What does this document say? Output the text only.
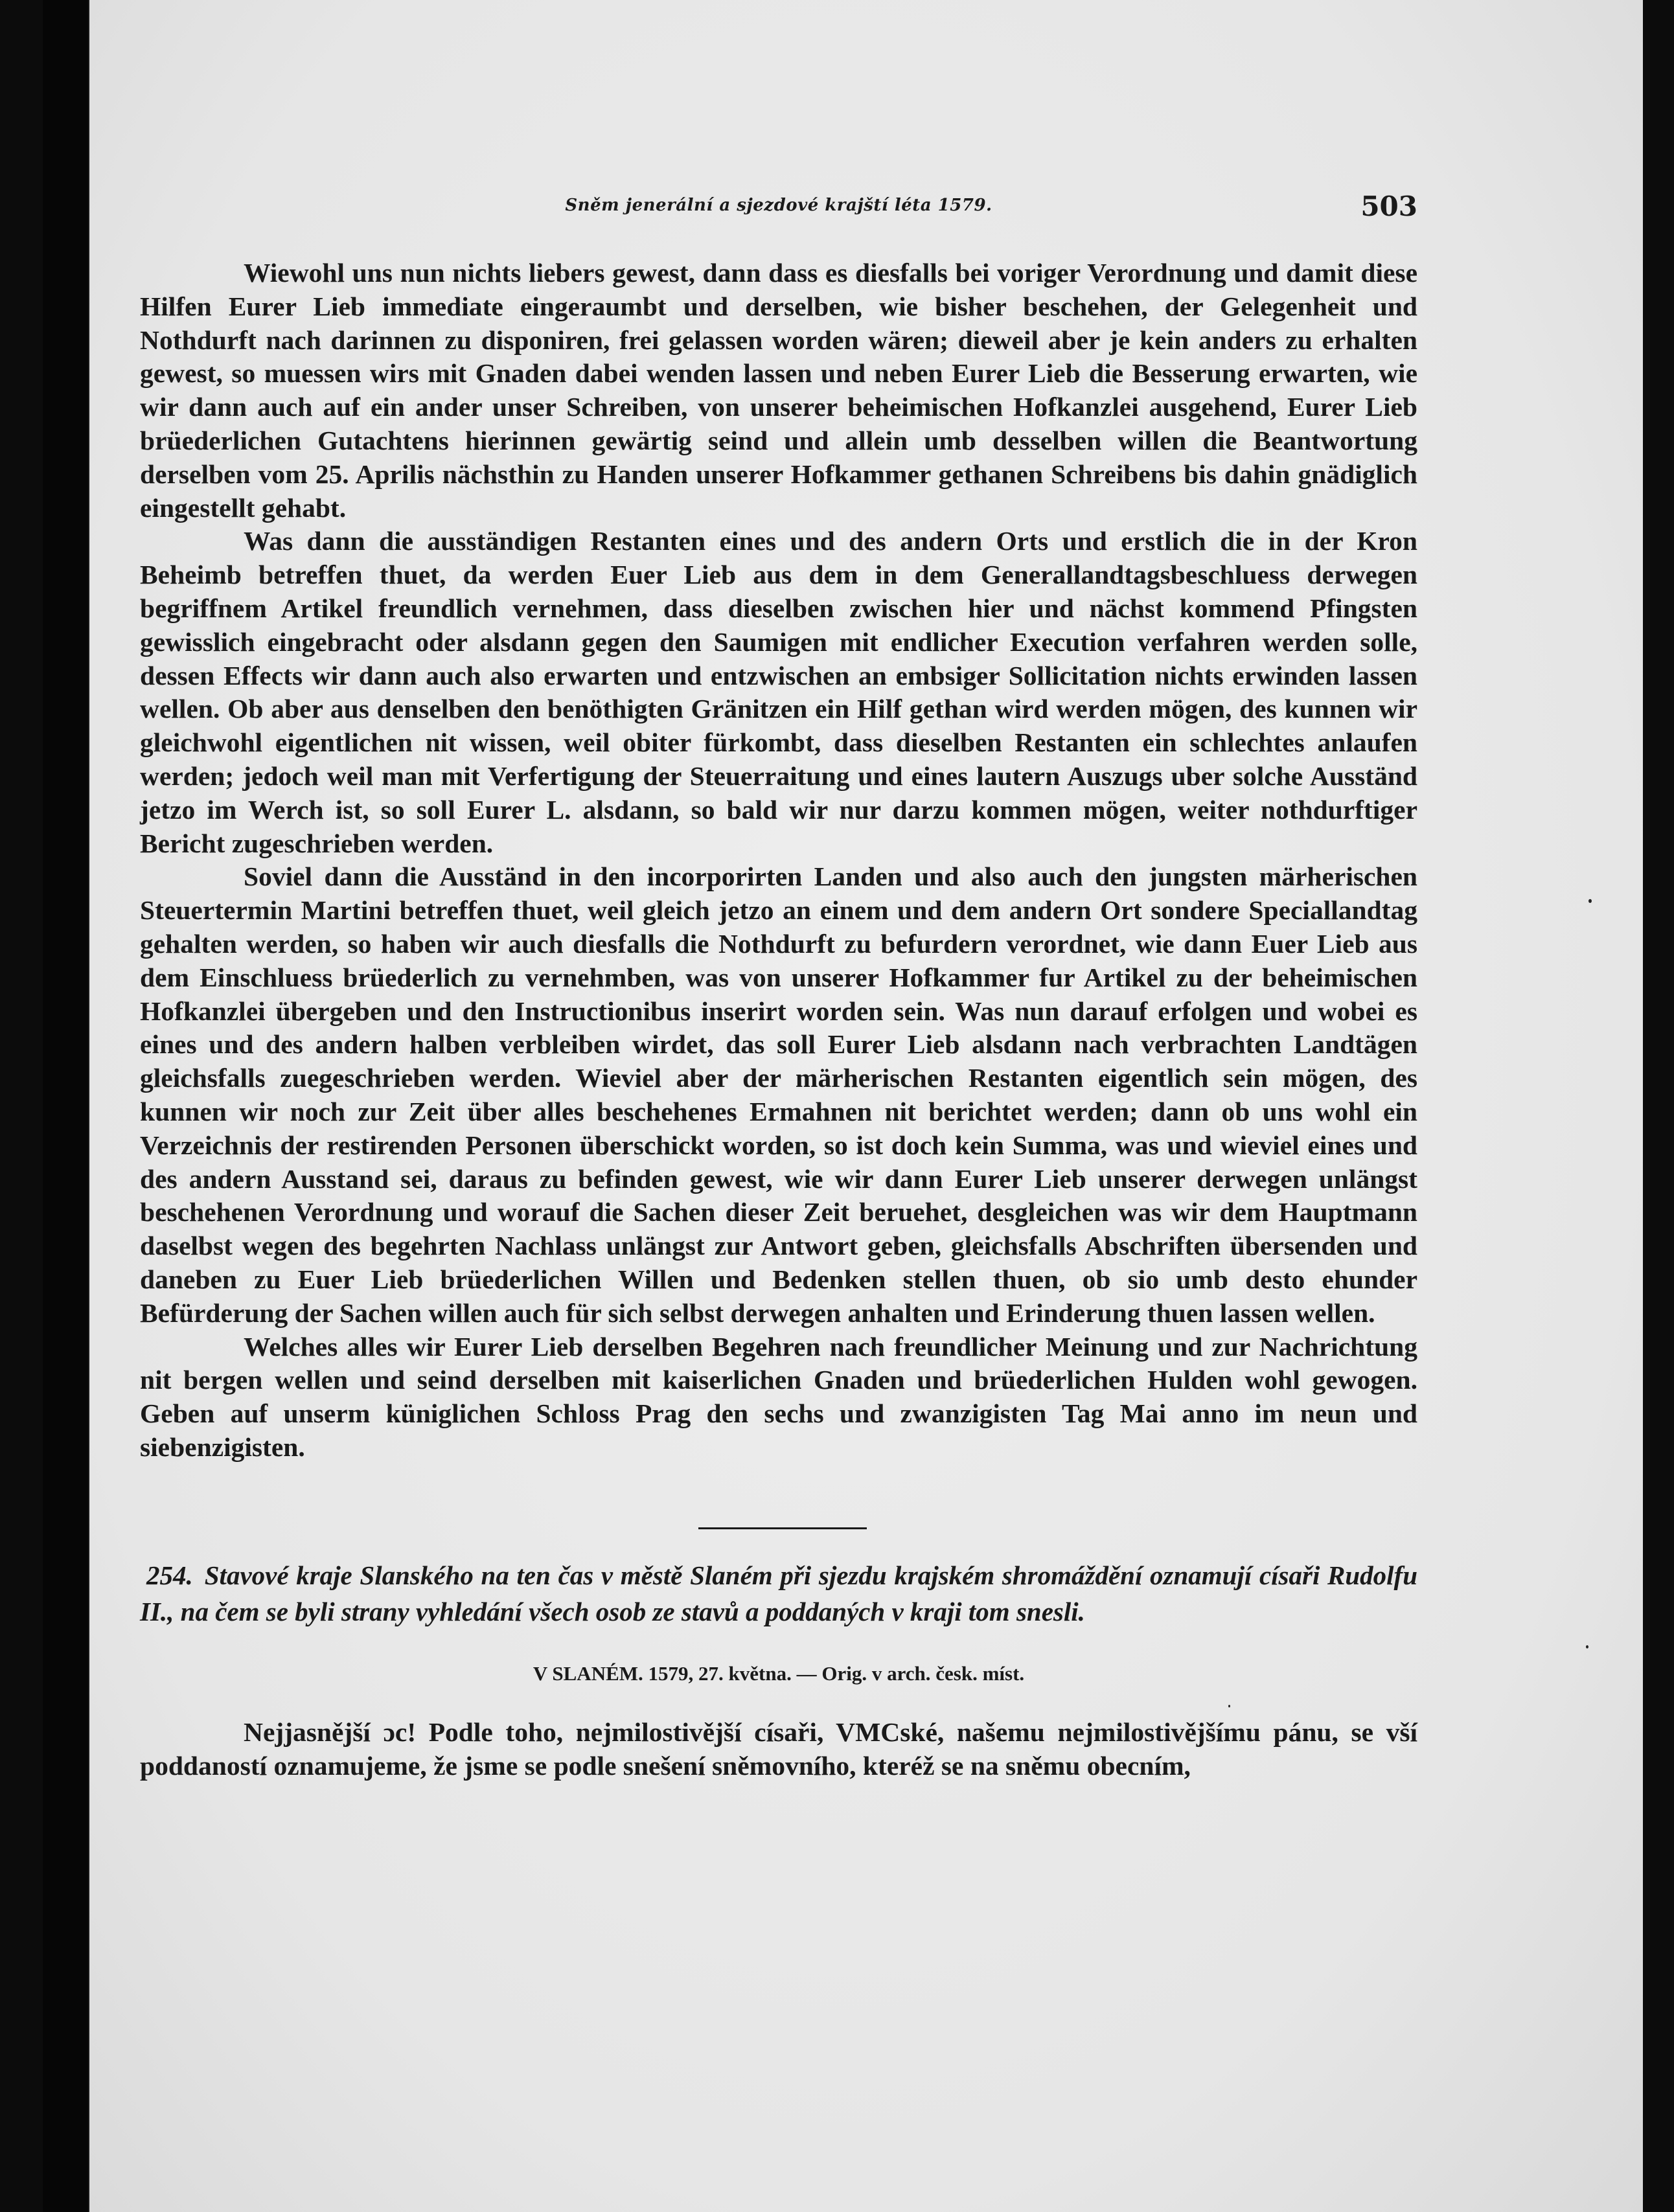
Sněm jenerální a sjezdové krajští léta 1579.	503

Wiewohl uns nun nichts liebers gewest, dann dass es diesfalls bei voriger Verordnung und damit diese Hilfen Eurer Lieb immediate eingeraumbt und derselben, wie bisher beschehen, der Gelegenheit und Nothdurft nach darinnen zu disponiren, frei gelassen worden wären; dieweil aber je kein anders zu erhalten gewest, so muessen wirs mit Gnaden dabei wenden lassen und neben Eurer Lieb die Besserung erwarten, wie wir dann auch auf ein ander unser Schreiben, von unserer beheimischen Hofkanzlei ausgehend, Eurer Lieb brüederlichen Gutachtens hierinnen gewärtig seind und allein umb desselben willen die Beantwortung derselben vom 25. Aprilis nächsthin zu Handen unserer Hofkammer gethanen Schreibens bis dahin gnädiglich eingestellt gehabt.

Was dann die ausständigen Restanten eines und des andern Orts und erstlich die in der Kron Beheimb betreffen thuet, da werden Euer Lieb aus dem in dem Generallandtagsbeschluess derwegen begriffnem Artikel freundlich vernehmen, dass dieselben zwischen hier und nächst kommend Pfingsten gewisslich eingebracht oder alsdann gegen den Saumigen mit endlicher Execution verfahren werden solle, dessen Effects wir dann auch also erwarten und entzwischen an embsiger Sollicitation nichts erwinden lassen wellen. Ob aber aus denselben den benöthigten Gränitzen ein Hilf gethan wird werden mögen, des kunnen wir gleichwohl eigentlichen nit wissen, weil obiter fürkombt, dass dieselben Restanten ein schlechtes anlaufen werden; jedoch weil man mit Verfertigung der Steuerraitung und eines lautern Auszugs uber solche Ausständ jetzo im Werch ist, so soll Eurer L. alsdann, so bald wir nur darzu kommen mögen, weiter nothdurftiger Bericht zugeschrieben werden.

Soviel dann die Ausständ in den incorporirten Landen und also auch den jungsten märherischen Steuertermin Martini betreffen thuet, weil gleich jetzo an einem und dem andern Ort sondere Speciallandtag gehalten werden, so haben wir auch diesfalls die Nothdurft zu befurdern verordnet, wie dann Euer Lieb aus dem Einschluess brüederlich zu vernehmben, was von unserer Hofkammer fur Artikel zu der beheimischen Hofkanzlei übergeben und den Instructionibus inserirt worden sein. Was nun darauf erfolgen und wobei es eines und des andern halben verbleiben wirdet, das soll Eurer Lieb alsdann nach verbrachten Landtägen gleichsfalls zuegeschrieben werden. Wieviel aber der märherischen Restanten eigentlich sein mögen, des kunnen wir noch zur Zeit über alles beschehenes Ermahnen nit berichtet werden; dann ob uns wohl ein Verzeichnis der restirenden Personen überschickt worden, so ist doch kein Summa, was und wieviel eines und des andern Ausstand sei, daraus zu befinden gewest, wie wir dann Eurer Lieb unserer derwegen unlängst beschehenen Verordnung und worauf die Sachen dieser Zeit beruehet, desgleichen was wir dem Hauptmann daselbst wegen des begehrten Nachlass unlängst zur Antwort geben, gleichsfalls Abschriften übersenden und daneben zu Euer Lieb brüederlichen Willen und Bedenken stellen thuen, ob sio umb desto ehunder Befürderung der Sachen willen auch für sich selbst derwegen anhalten und Erinderung thuen lassen wellen.

Welches alles wir Eurer Lieb derselben Begehren nach freundlicher Meinung und zur Nachrichtung nit bergen wellen und seind derselben mit kaiserlichen Gnaden und brüederlichen Hulden wohl gewogen. Geben auf unserm küniglichen Schloss Prag den sechs und zwanzigisten Tag Mai anno im neun und siebenzigisten.

254. Stavové kraje Slanského na ten čas v městě Slaném při sjezdu krajském shromáždění oznamují císaři Rudolfu II., na čem se byli strany vyhledání všech osob ze stavů a poddaných v kraji tom snesli.
V SLANÉM. 1579, 27. května. — Orig. v arch. česk. míst.

Nejjasnější ɔc! Podle toho, nejmilostivější císaři, VMCské, našemu nejmilostivějšímu pánu, se vší poddaností oznamujeme, že jsme se podle snešení sněmovního, kteréž se na sněmu obecním,
